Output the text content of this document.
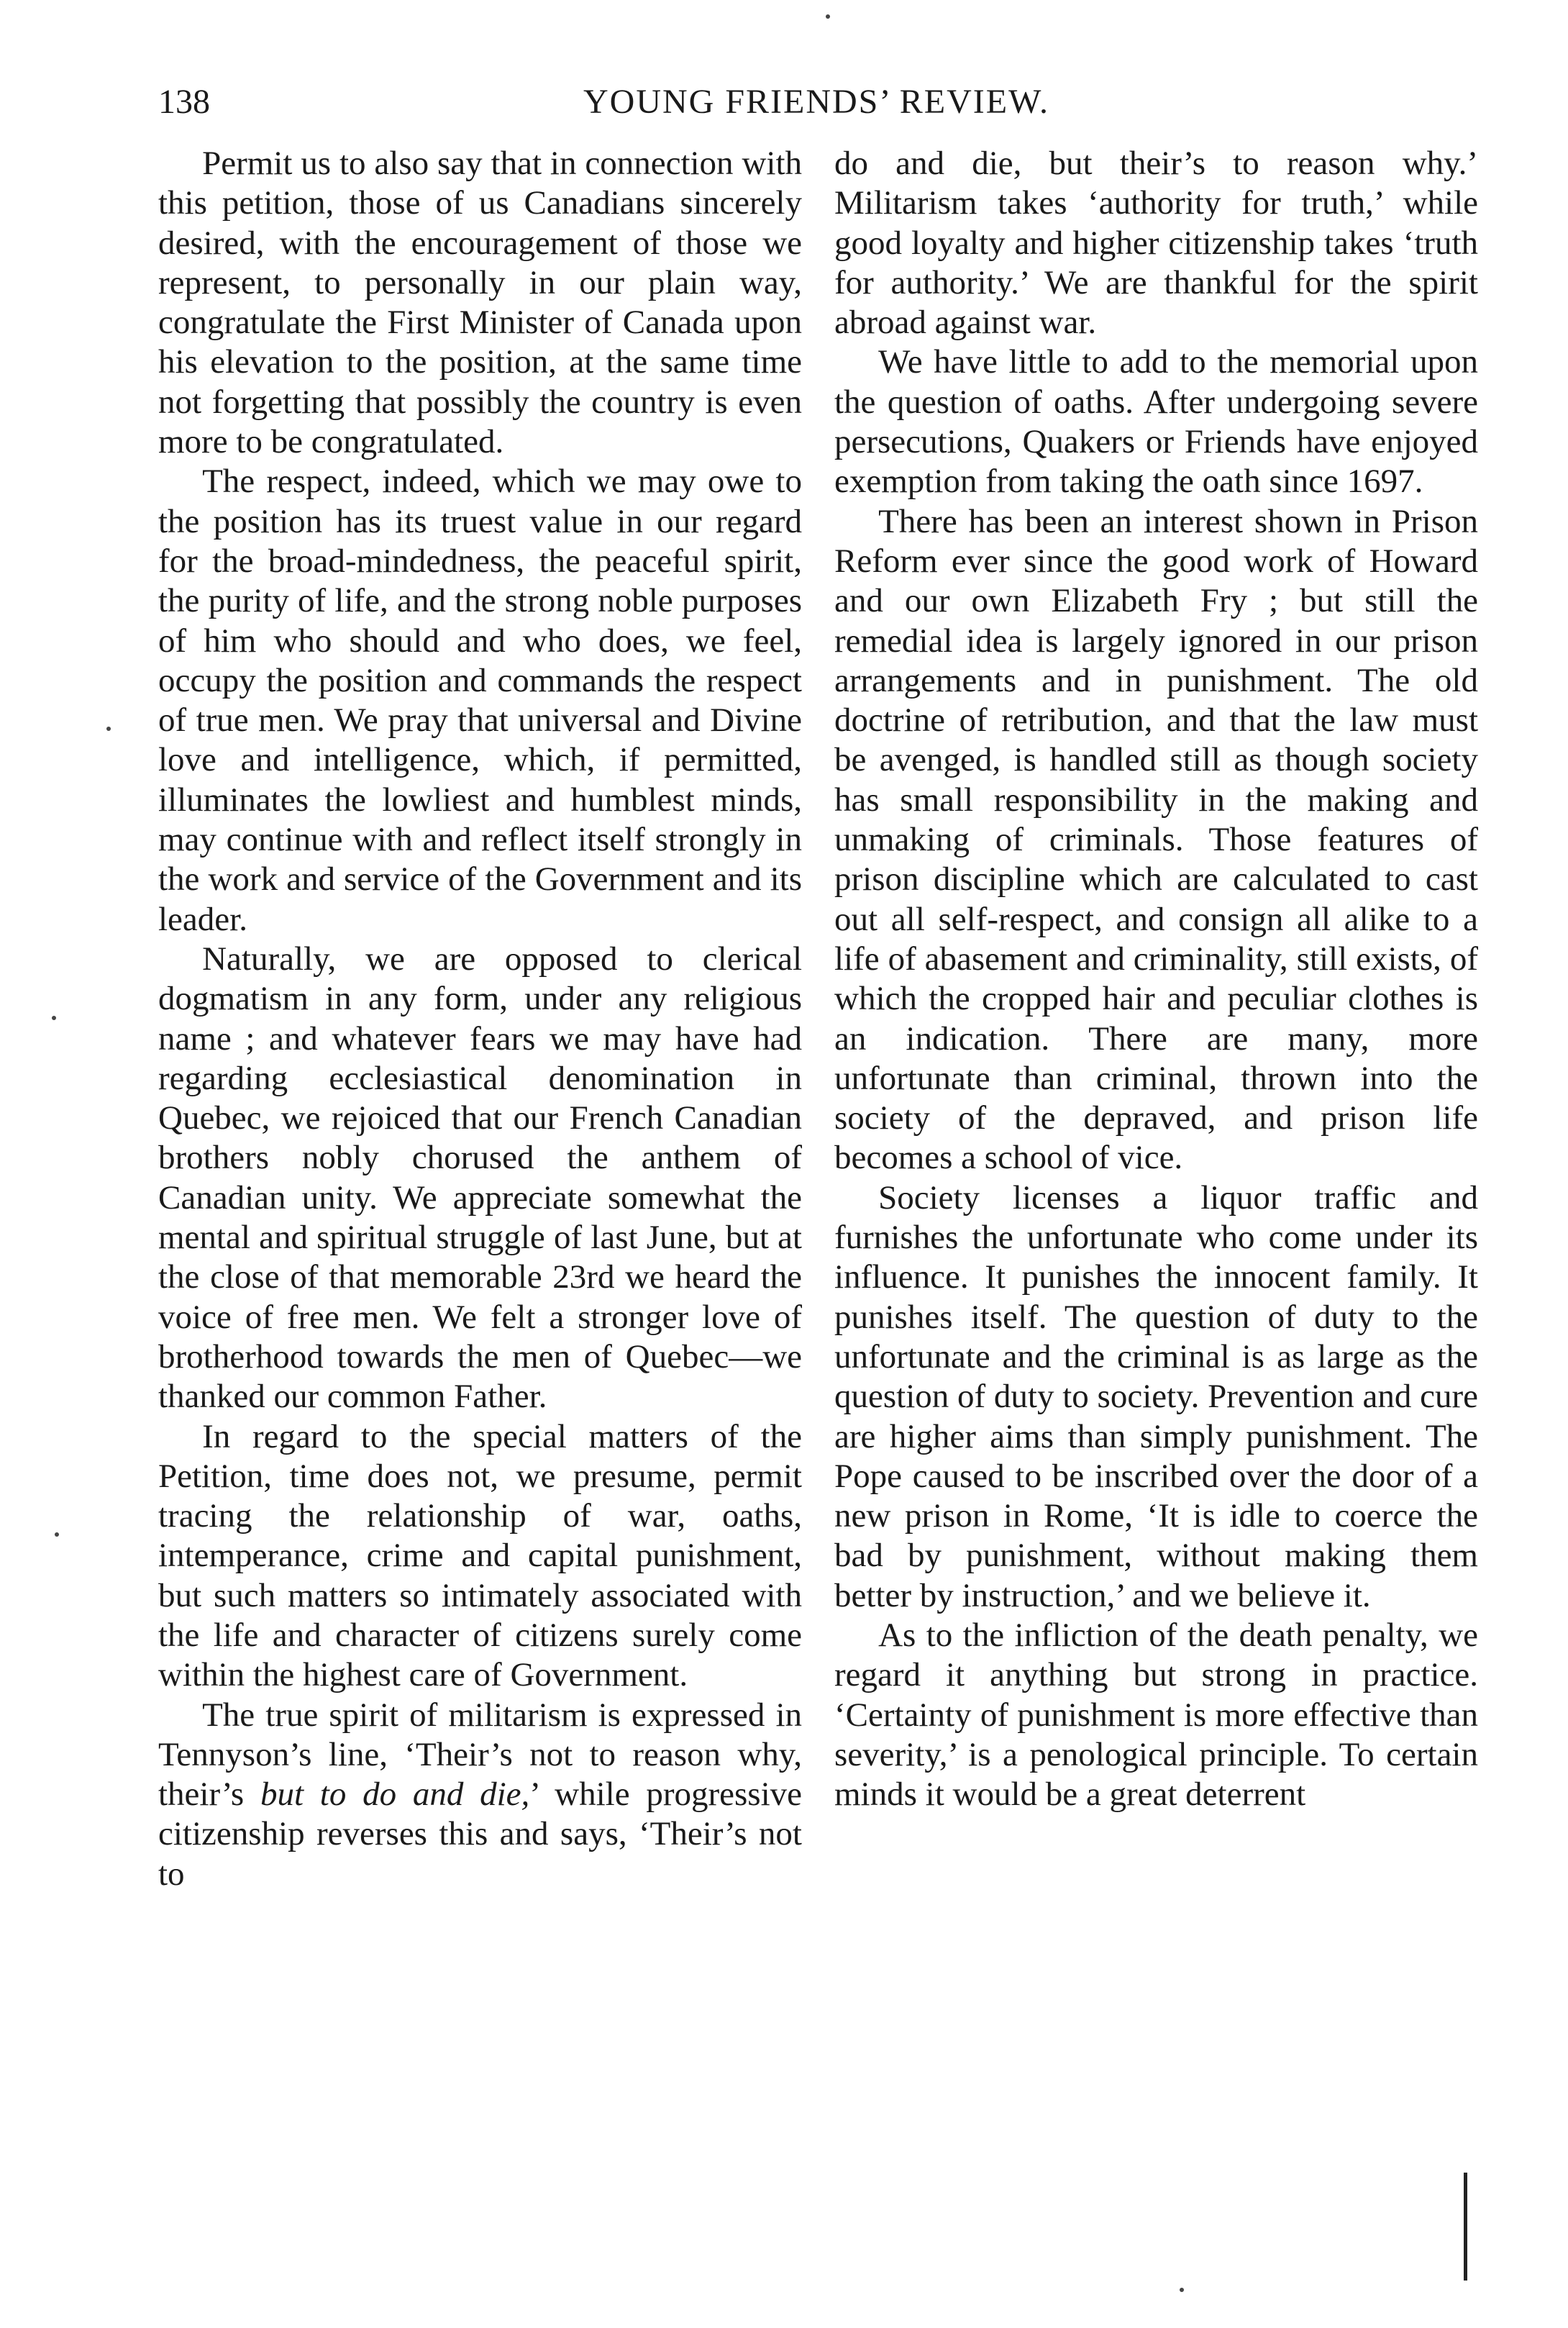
138	YOUNG FRIENDS’ REVIEW.

Permit us to also say that in connection with this petition, those of us Canadians sincerely desired, with the encouragement of those we represent, to personally in our plain way, congratulate the First Minister of Canada upon his elevation to the position, at the same time not forgetting that possibly the country is even more to be congratulated.

The respect, indeed, which we may owe to the position has its truest value in our regard for the broad-mindedness, the peaceful spirit, the purity of life, and the strong noble purposes of him who should and who does, we feel, occupy the position and commands the respect of true men. We pray that universal and Divine love and intelligence, which, if permitted, illuminates the lowliest and humblest minds, may continue with and reflect itself strongly in the work and service of the Government and its leader.

Naturally, we are opposed to clerical dogmatism in any form, under any religious name ; and whatever fears we may have had regarding ecclesiastical denomination in Quebec, we rejoiced that our French Canadian brothers nobly chorused the anthem of Canadian unity. We appreciate somewhat the mental and spiritual struggle of last June, but at the close of that memorable 23rd we heard the voice of free men. We felt a stronger love of brotherhood towards the men of Quebec—we thanked our common Father.

In regard to the special matters of the Petition, time does not, we presume, permit tracing the relationship of war, oaths, intemperance, crime and capital punishment, but such matters so intimately associated with the life and character of citizens surely come within the highest care of Government.

The true spirit of militarism is expressed in Tennyson’s line, ‘Their’s not to reason why, their’s but to do and die,’ while progressive citizenship reverses this and says, ‘Their’s not to

do and die, but their’s to reason why.’ Militarism takes ‘authority for truth,’ while good loyalty and higher citizenship takes ‘truth for authority.’ We are thankful for the spirit abroad against war.

We have little to add to the memorial upon the question of oaths. After undergoing severe persecutions, Quakers or Friends have enjoyed exemption from taking the oath since 1697.

There has been an interest shown in Prison Reform ever since the good work of Howard and our own Elizabeth Fry ; but still the remedial idea is largely ignored in our prison arrangements and in punishment. The old doctrine of retribution, and that the law must be avenged, is handled still as though society has small responsibility in the making and unmaking of criminals. Those features of prison discipline which are calculated to cast out all self-respect, and consign all alike to a life of abasement and criminality, still exists, of which the cropped hair and peculiar clothes is an indication. There are many, more unfortunate than criminal, thrown into the society of the depraved, and prison life becomes a school of vice.

Society licenses a liquor traffic and furnishes the unfortunate who come under its influence. It punishes the innocent family. It punishes itself. The question of duty to the unfortunate and the criminal is as large as the question of duty to society. Prevention and cure are higher aims than simply punishment. The Pope caused to be inscribed over the door of a new prison in Rome, ‘It is idle to coerce the bad by punishment, without making them better by instruction,’ and we believe it.

As to the infliction of the death penalty, we regard it anything but strong in practice. ‘Certainty of punishment is more effective than severity,’ is a penological principle. To certain minds it would be a great deterrent
